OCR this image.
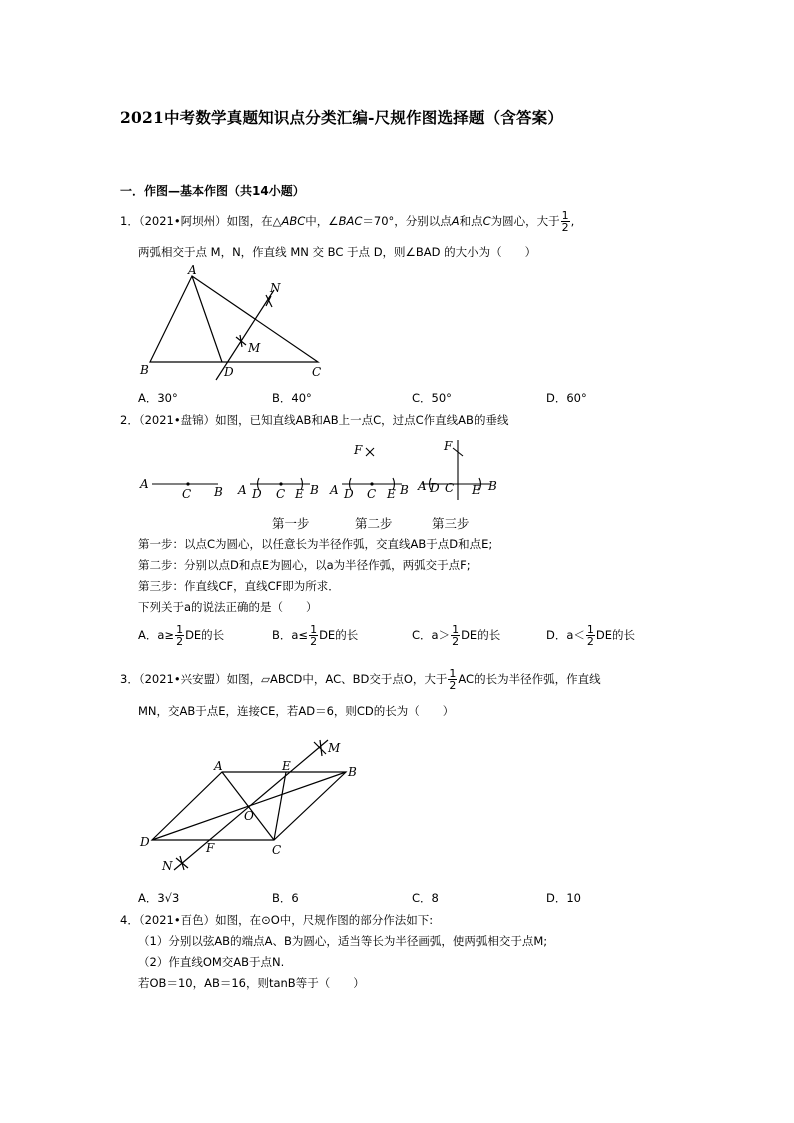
2021中考数学真题知识点分类汇编-尺规作图选择题（含答案）
一．作图—基本作图（共14小题）
1．（2021•阿坝州）如图，在△ABC中，∠BAC＝70°，分别以点A和点C为圆心，大于 $\frac{1}{2}$ ,
两弧相交于点 M，N，作直线 MN 交 BC 于点 D，则∠BAD 的大小为（　　）
A
B	C
D
M
N
A．30°	B．40°	C．50°	D．60°
2．（2021•盘锦）如图，已知直线AB和AB上一点C，过点C作直线AB的垂线
A
C B A D C E B
F
A D C E B
F
A D C E B
第一步	第二步	第三步
第一步：以点C为圆心，以任意长为半径作弧，交直线AB于点D和点E;
第二步：分别以点D和点E为圆心，以a为半径作弧，两弧交于点F;
第三步：作直线CF，直线CF即为所求．
下列关于a的说法正确的是（　　）
A．$a\ge \frac{1}{2}$ DE的长	B．$a\le \frac{1}{2}$ DE的长	C．$a> \frac{1}{2}$ DE的长	D．$a< \frac{1}{2}$ DE的长
3．（2021•兴安盟）如图，▱ABCD中，AC、BD交于点O，大于 $\frac{1}{2}$ AC的长为半径作弧，作直线
MN，交AB于点E，连接CE，若AD＝6，则CD的长为（　　）
A	B
C
D
E
F
O
M
N
A．3√3	B．6	C．8	D．10
4．（2021•百色）如图，在⊙O中，尺规作图的部分作法如下:
（1）分别以弦AB的端点A、B为圆心，适当等长为半径画弧，使两弧相交于点M;
（2）作直线OM交AB于点N.
若OB＝10，AB＝16，则tanB等于（　　）
